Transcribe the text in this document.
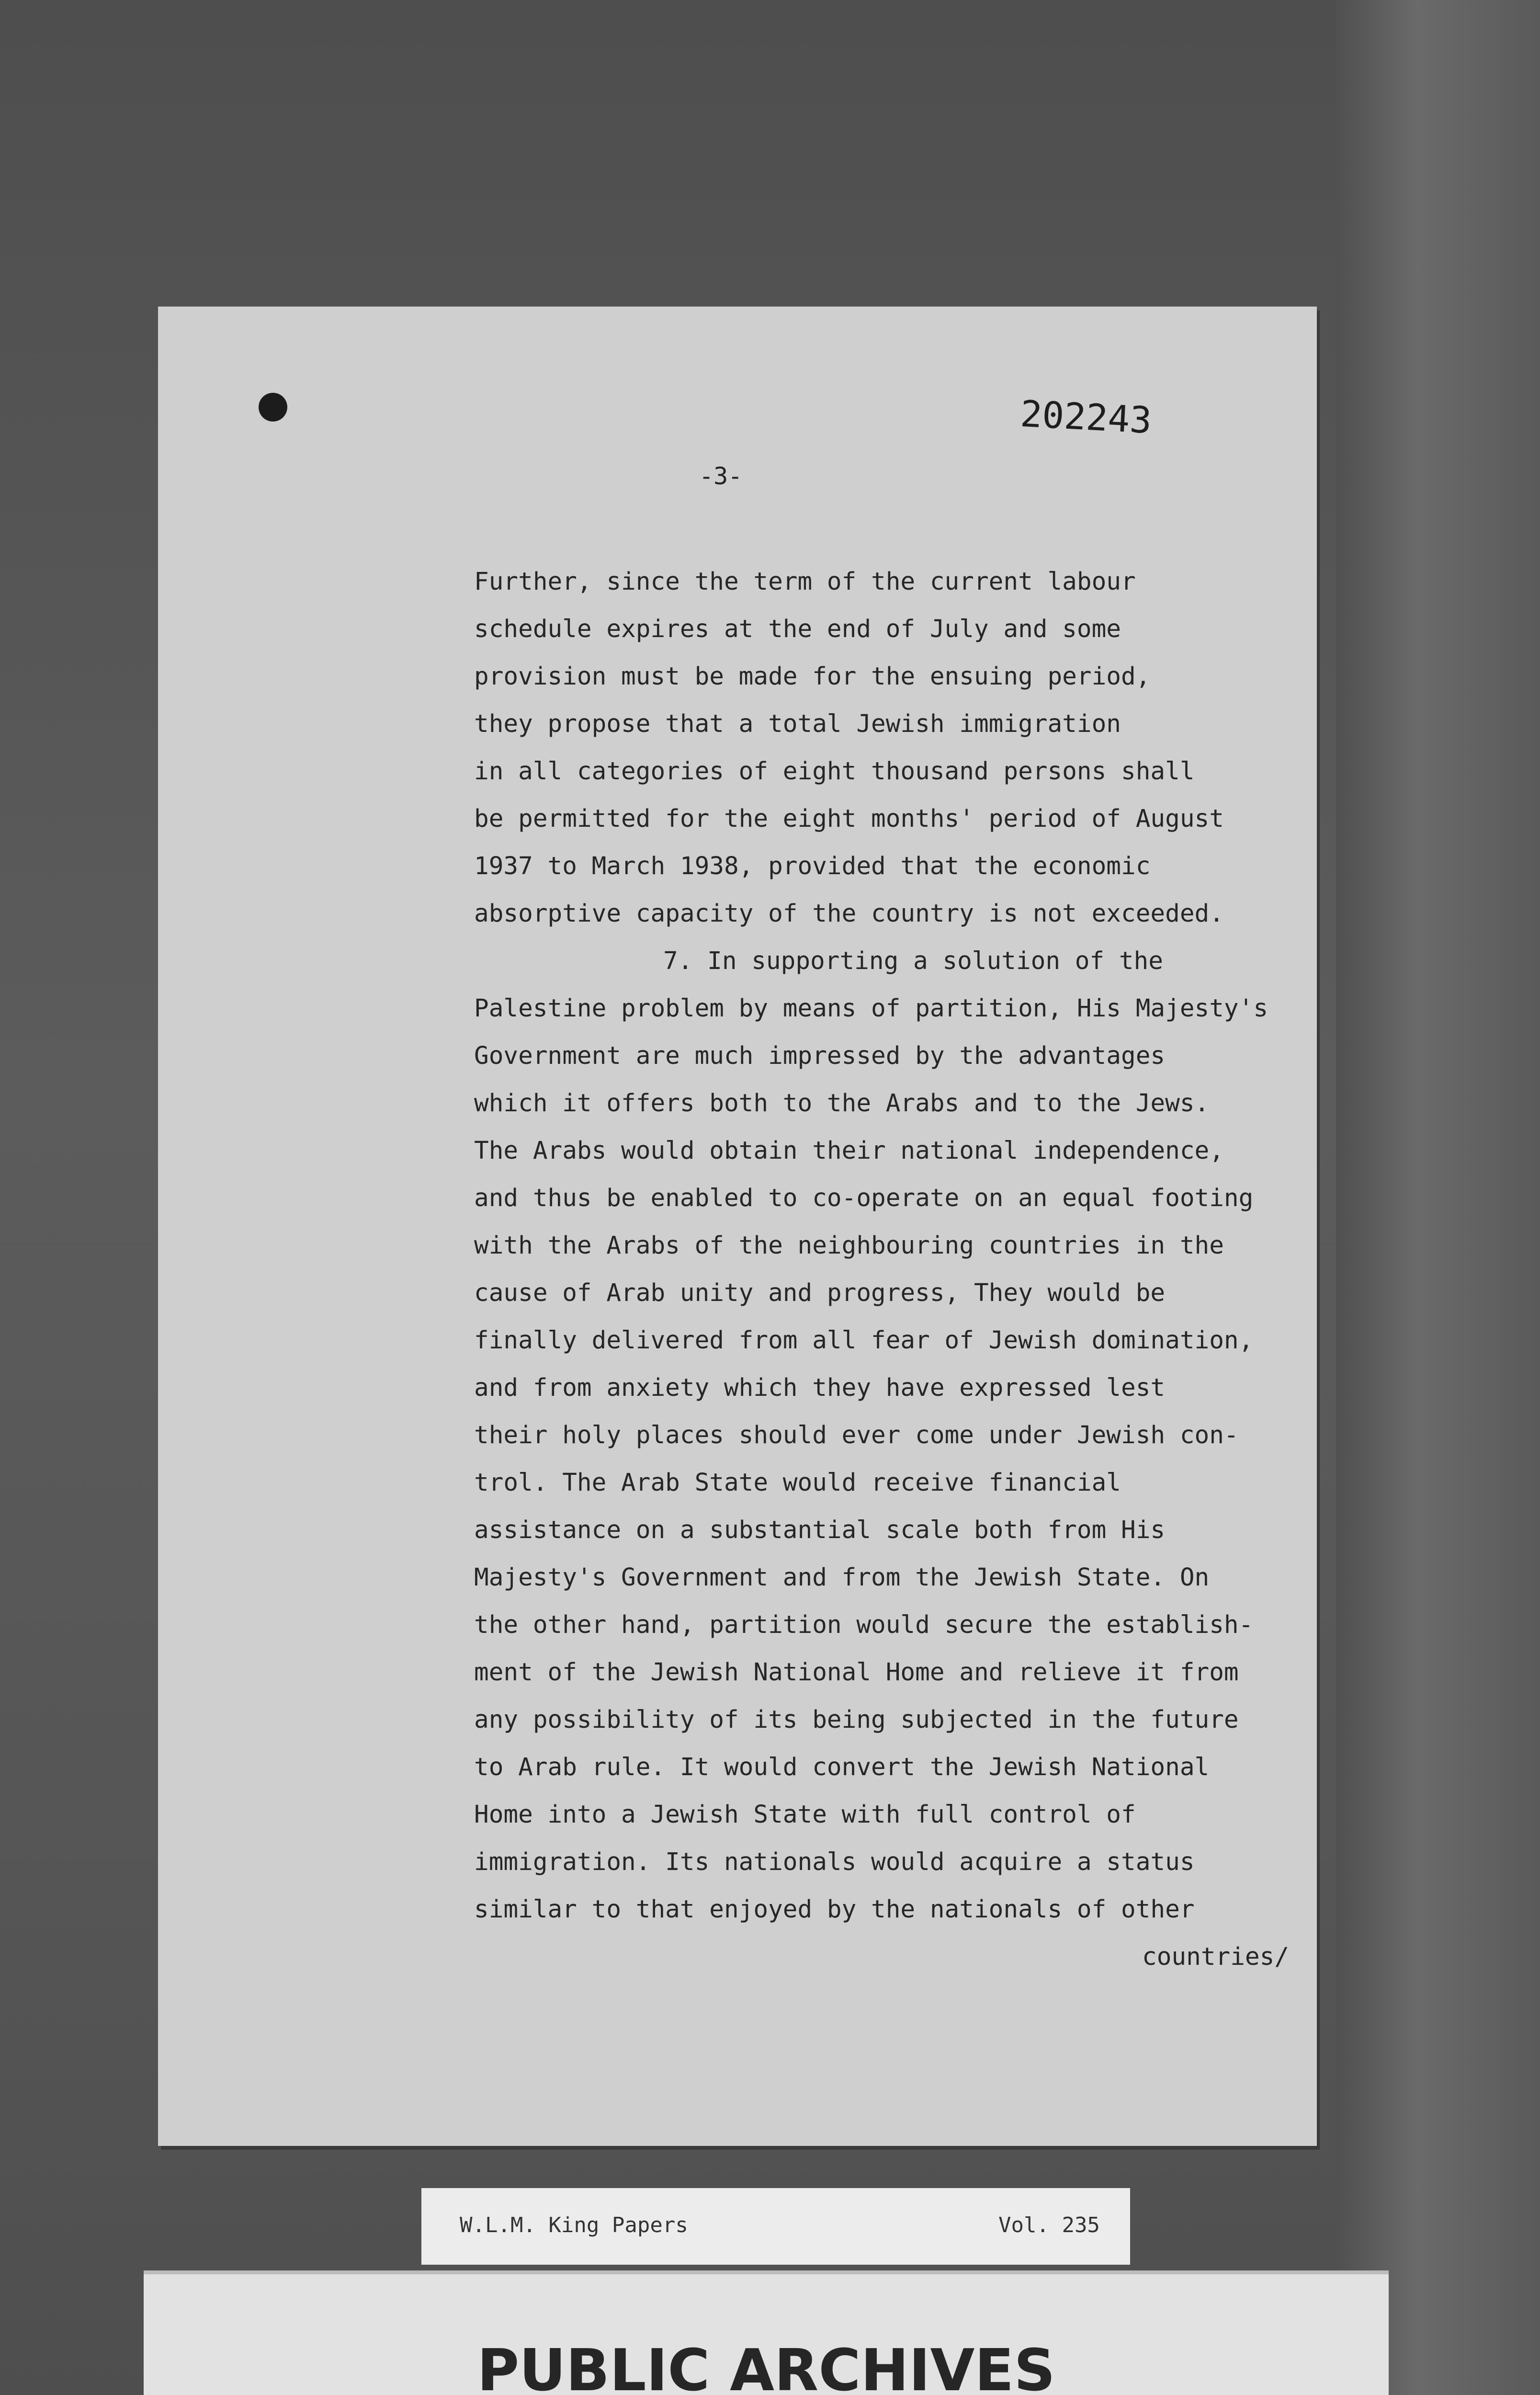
202243
-3-
Further, since the term of the current labour
schedule expires at the end of July and some
provision must be made for the ensuing period,
they propose that a total Jewish immigration
in all categories of eight thousand persons shall
be permitted for the eight months' period of August
1937 to March 1938, provided that the economic
absorptive capacity of the country is not exceeded.
7. In supporting a solution of the
Palestine problem by means of partition, His Majesty's
Government are much impressed by the advantages
which it offers both to the Arabs and to the Jews.
The Arabs would obtain their national independence,
and thus be enabled to co-operate on an equal footing
with the Arabs of the neighbouring countries in the
cause of Arab unity and progress, They would be
finally delivered from all fear of Jewish domination,
and from anxiety which they have expressed lest
their holy places should ever come under Jewish con-
trol. The Arab State would receive financial
assistance on a substantial scale both from His
Majesty's Government and from the Jewish State. On
the other hand, partition would secure the establish-
ment of the Jewish National Home and relieve it from
any possibility of its being subjected in the future
to Arab rule. It would convert the Jewish National
Home into a Jewish State with full control of
immigration. Its nationals would acquire a status
similar to that enjoyed by the nationals of other
countries/
W.L.M. King Papers	Vol. 235
PUBLIC ARCHIVES
